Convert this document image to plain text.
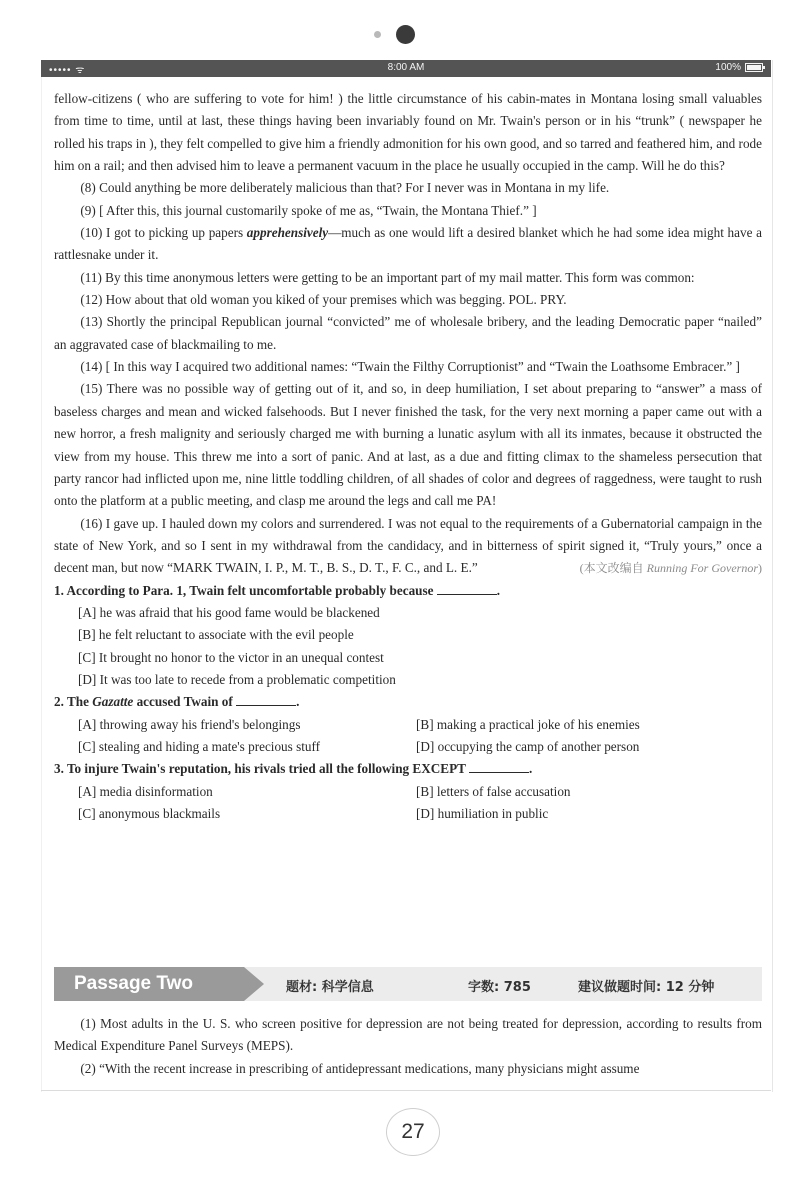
••••• ᯤ	8:00 AM	100%

fellow-citizens ( who are suffering to vote for him! ) the little circumstance of his cabin-mates in Montana losing small valuables from time to time, until at last, these things having been invariably found on Mr. Twain's person or in his “trunk” ( newspaper he rolled his traps in ), they felt compelled to give him a friendly admonition for his own good, and so tarred and feathered him, and rode him on a rail; and then advised him to leave a permanent vacuum in the place he usually occupied in the camp. Will he do this?

(8) Could anything be more deliberately malicious than that? For I never was in Montana in my life.

(9) [ After this, this journal customarily spoke of me as, “Twain, the Montana Thief.” ]

(10) I got to picking up papers apprehensively—much as one would lift a desired blanket which he had some idea might have a rattlesnake under it.

(11) By this time anonymous letters were getting to be an important part of my mail matter. This form was common:

(12) How about that old woman you kiked of your premises which was begging. POL. PRY.

(13) Shortly the principal Republican journal “convicted” me of wholesale bribery, and the leading Democratic paper “nailed” an aggravated case of blackmailing to me.

(14) [ In this way I acquired two additional names: “Twain the Filthy Corruptionist” and “Twain the Loathsome Embracer.” ]

(15) There was no possible way of getting out of it, and so, in deep humiliation, I set about preparing to “answer” a mass of baseless charges and mean and wicked falsehoods. But I never finished the task, for the very next morning a paper came out with a new horror, a fresh malignity and seriously charged me with burning a lunatic asylum with all its inmates, because it obstructed the view from my house. This threw me into a sort of panic. And at last, as a due and fitting climax to the shameless persecution that party rancor had inflicted upon me, nine little toddling children, of all shades of color and degrees of raggedness, were taught to rush onto the platform at a public meeting, and clasp me around the legs and call me PA!

(16) I gave up. I hauled down my colors and surrendered. I was not equal to the requirements of a Gubernatorial campaign in the state of New York, and so I sent in my withdrawal from the candidacy, and in bitterness of spirit signed it, “Truly yours,” once a decent man, but now “MARK TWAIN, I. P., M. T., B. S., D. T., F. C., and L. E.”	(本文改编自 Running For Governor)

1. According to Para. 1, Twain felt uncomfortable probably because	.

[A] he was afraid that his good fame would be blackened

[B] he felt reluctant to associate with the evil people

[C] It brought no honor to the victor in an unequal contest

[D] It was too late to recede from a problematic competition

2. The Gazatte accused Twain of	.

[A] throwing away his friend's belongings	[B] making a practical joke of his enemies
[C] stealing and hiding a mate's precious stuff	[D] occupying the camp of another person

3. To injure Twain's reputation, his rivals tried all the following EXCEPT	.

[A] media disinformation	[B] letters of false accusation
[C] anonymous blackmails	[D] humiliation in public
Passage Two	题材: 科学信息	字数: 785	建议做题时间: 12 分钟

(1) Most adults in the U. S. who screen positive for depression are not being treated for depression, according to results from Medical Expenditure Panel Surveys (MEPS).

(2) “With the recent increase in prescribing of antidepressant medications, many physicians might assume

27
